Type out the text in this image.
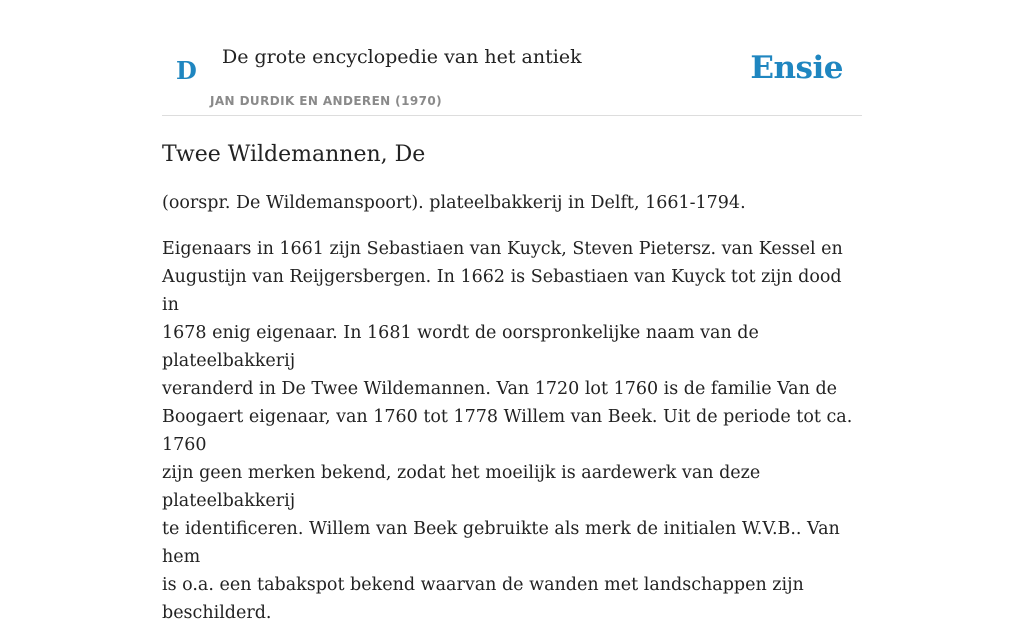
D De grote encyclopedie van het antiek
JAN DURDIK EN ANDEREN (1970)
Ensie
Twee Wildemannen, De

(oorspr. De Wildemanspoort). plateelbakkerij in Delft, 1661-1794.

Eigenaars in 1661 zijn Sebastiaen van Kuyck, Steven Pietersz. van Kessel en
Augustijn van Reijgersbergen. In 1662 is Sebastiaen van Kuyck tot zijn dood in
1678 enig eigenaar. In 1681 wordt de oorspronkelijke naam van de plateelbakkerij
veranderd in De Twee Wildemannen. Van 1720 lot 1760 is de familie Van de
Boogaert eigenaar, van 1760 tot 1778 Willem van Beek. Uit de periode tot ca. 1760
zijn geen merken bekend, zodat het moeilijk is aardewerk van deze plateelbakkerij
te identificeren. Willem van Beek gebruikte als merk de initialen W.V.B.. Van hem
is o.a. een tabakspot bekend waarvan de wanden met landschappen zijn
beschilderd.
